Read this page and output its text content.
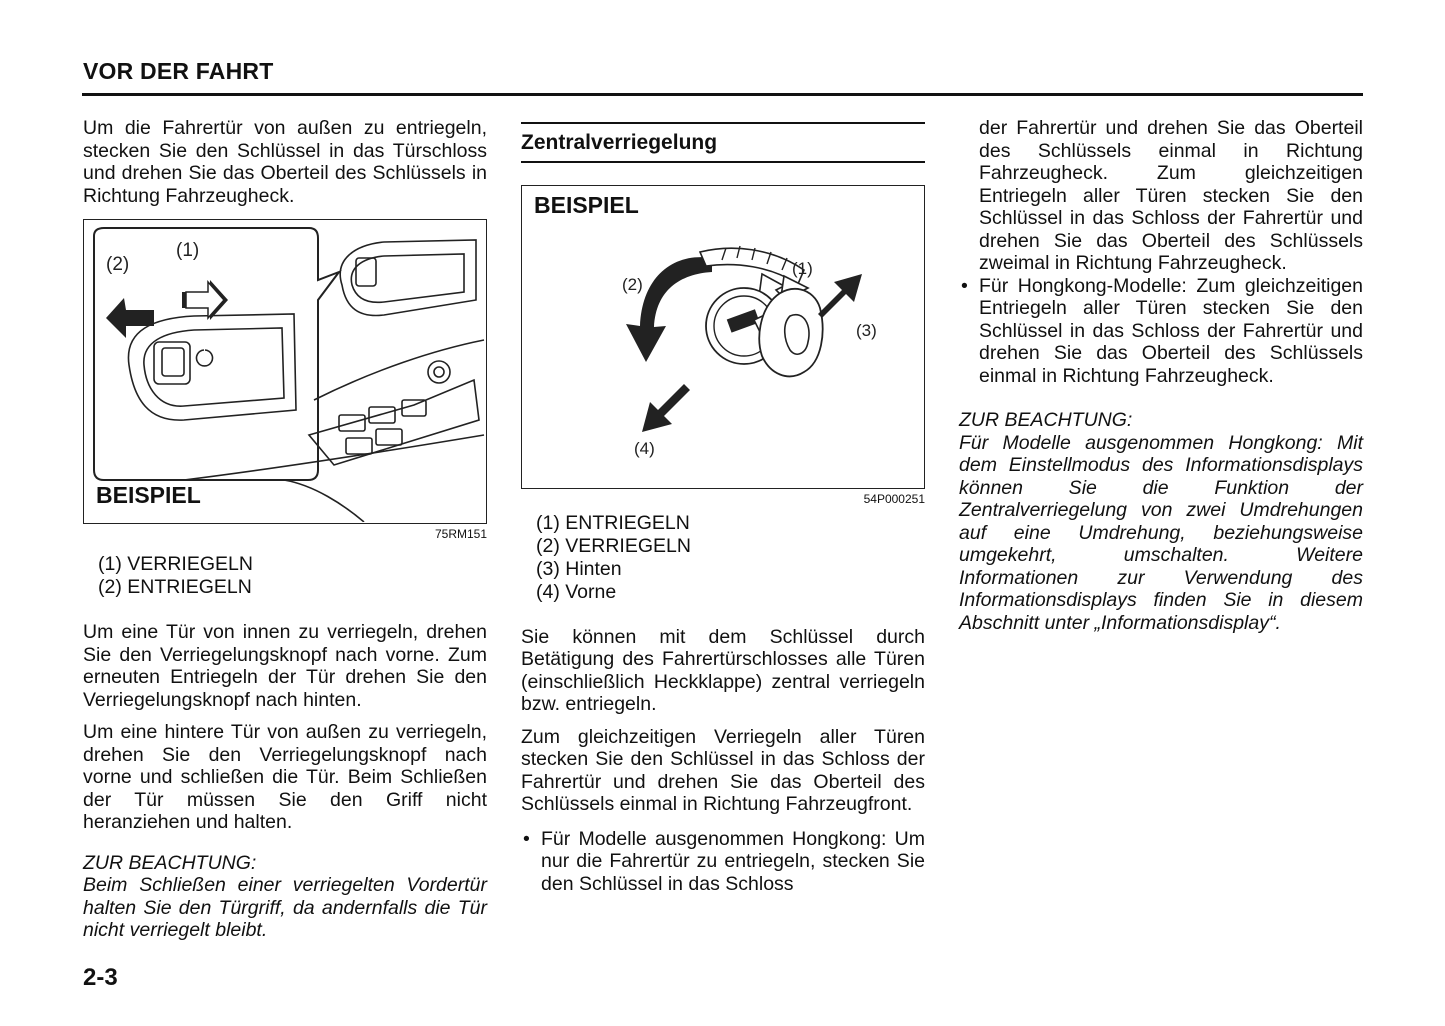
VOR DER FAHRT

Um die Fahrertür von außen zu entriegeln, stecken Sie den Schlüssel in das Türschloss und drehen Sie das Oberteil des Schlüssels in Richtung Fahrzeugheck.

(1)
(2)
BEISPIEL
75RM151
(1) VERRIEGELN
(2) ENTRIEGELN

Um eine Tür von innen zu verriegeln, drehen Sie den Verriegelungsknopf nach vorne. Zum erneuten Entriegeln der Tür drehen Sie den Verriegelungsknopf nach hinten.

Um eine hintere Tür von außen zu verriegeln, drehen Sie den Verriegelungsknopf nach vorne und schließen die Tür. Beim Schließen der Tür müssen Sie den Griff nicht heranziehen und halten.

ZUR BEACHTUNG:
Beim Schließen einer verriegelten Vordertür halten Sie den Türgriff, da andernfalls die Tür nicht verriegelt bleibt.
Zentralverriegelung
BEISPIEL
(1)
(2)
(3)
(4)
54P000251
(1) ENTRIEGELN
(2) VERRIEGELN
(3) Hinten
(4) Vorne

Sie können mit dem Schlüssel durch Betätigung des Fahrertürschlosses alle Türen (einschließlich Heckklappe) zentral verriegeln bzw. entriegeln.

Zum gleichzeitigen Verriegeln aller Türen stecken Sie den Schlüssel in das Schloss der Fahrertür und drehen Sie das Oberteil des Schlüssels einmal in Richtung Fahrzeugfront.

• Für Modelle ausgenommen Hongkong: Um nur die Fahrertür zu entriegeln, stecken Sie den Schlüssel in das Schloss

der Fahrertür und drehen Sie das Oberteil des Schlüssels einmal in Richtung Fahrzeugheck. Zum gleichzeitigen Entriegeln aller Türen stecken Sie den Schlüssel in das Schloss der Fahrertür und drehen Sie das Oberteil des Schlüssels zweimal in Richtung Fahrzeugheck.

• Für Hongkong-Modelle: Zum gleichzeitigen Entriegeln aller Türen stecken Sie den Schlüssel in das Schloss der Fahrertür und drehen Sie das Oberteil des Schlüssels einmal in Richtung Fahrzeugheck.
ZUR BEACHTUNG:
Für Modelle ausgenommen Hongkong: Mit dem Einstellmodus des Informationsdisplays können Sie die Funktion der Zentralverriegelung von zwei Umdrehungen auf eine Umdrehung, beziehungsweise umgekehrt, umschalten. Weitere Informationen zur Verwendung des Informationsdisplays finden Sie in diesem Abschnitt unter „Informationsdisplay“.
2-3
